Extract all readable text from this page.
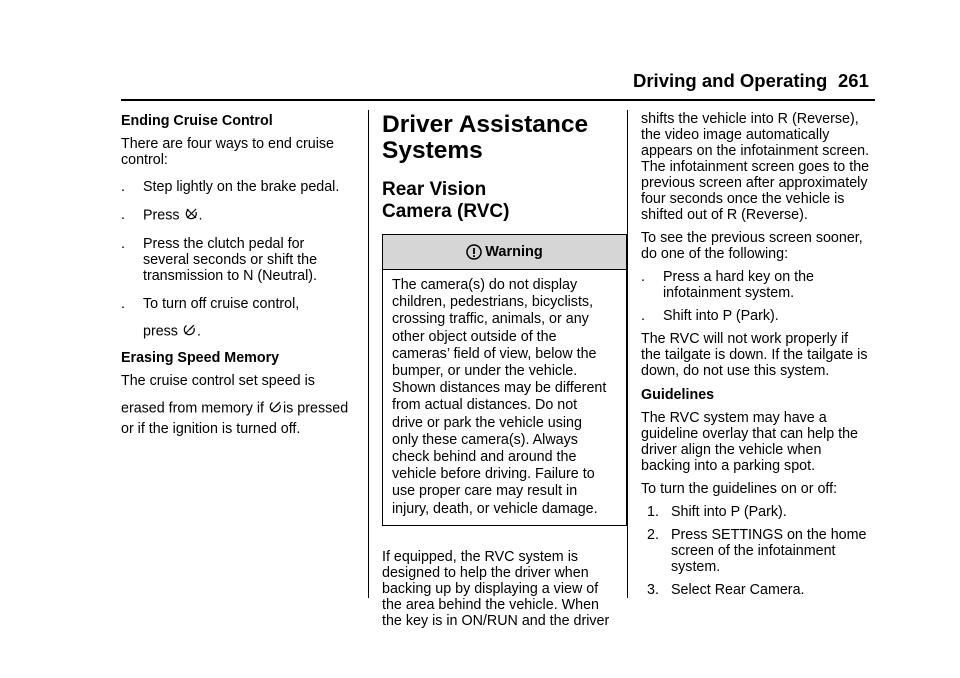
Driving and Operating 261

Ending Cruise Control

There are four ways to end cruise control:

. Step lightly on the brake pedal.
. Press .
. Press the clutch pedal for several seconds or shift the transmission to N (Neutral).
. To turn off cruise control,
press .

Erasing Speed Memory

The cruise control set speed is

erased from memory if is pressed

or if the ignition is turned off.

Driver Assistance
Systems
Rear Vision
Camera (RVC)
Warning
The camera(s) do not display
children, pedestrians, bicyclists,
crossing traffic, animals, or any
other object outside of the
cameras’ field of view, below the
bumper, or under the vehicle.
Shown distances may be different
from actual distances. Do not
drive or park the vehicle using
only these camera(s). Always
check behind and around the
vehicle before driving. Failure to
use proper care may result in
injury, death, or vehicle damage.
If equipped, the RVC system is
designed to help the driver when
backing up by displaying a view of
the area behind the vehicle. When
the key is in ON/RUN and the driver
shifts the vehicle into R (Reverse),
the video image automatically
appears on the infotainment screen.
The infotainment screen goes to the
previous screen after approximately
four seconds once the vehicle is
shifted out of R (Reverse).
To see the previous screen sooner,
do one of the following:
. Press a hard key on the
infotainment system.
. Shift into P (Park).
The RVC will not work properly if
the tailgate is down. If the tailgate is
down, do not use this system.

Guidelines

The RVC system may have a
guideline overlay that can help the
driver align the vehicle when
backing into a parking spot.

To turn the guidelines on or off:

1. Shift into P (Park).
2. Press SETTINGS on the home
screen of the infotainment
system.
3. Select Rear Camera.
